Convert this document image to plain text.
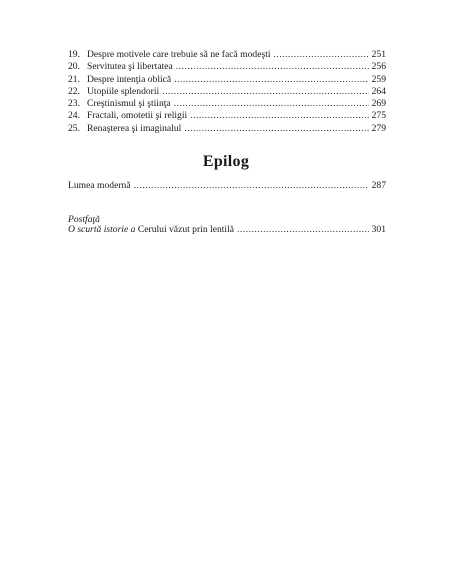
19. Despre motivele care trebuie să ne facă modeşti .....	251
20. Servitutea şi libertatea .....	256
21. Despre intenţia oblică .....	259
22. Utopiile splendorii .....	264
23. Creştinismul şi ştiinţa .....	269
24. Fractali, omotetii şi religii .....	275
25. Renaşterea şi imaginalul .....	279
Epilog
Lumea modernă .....	287
Postfaţă
O scurtă istorie a Cerului văzut prin lentilă .....	301
